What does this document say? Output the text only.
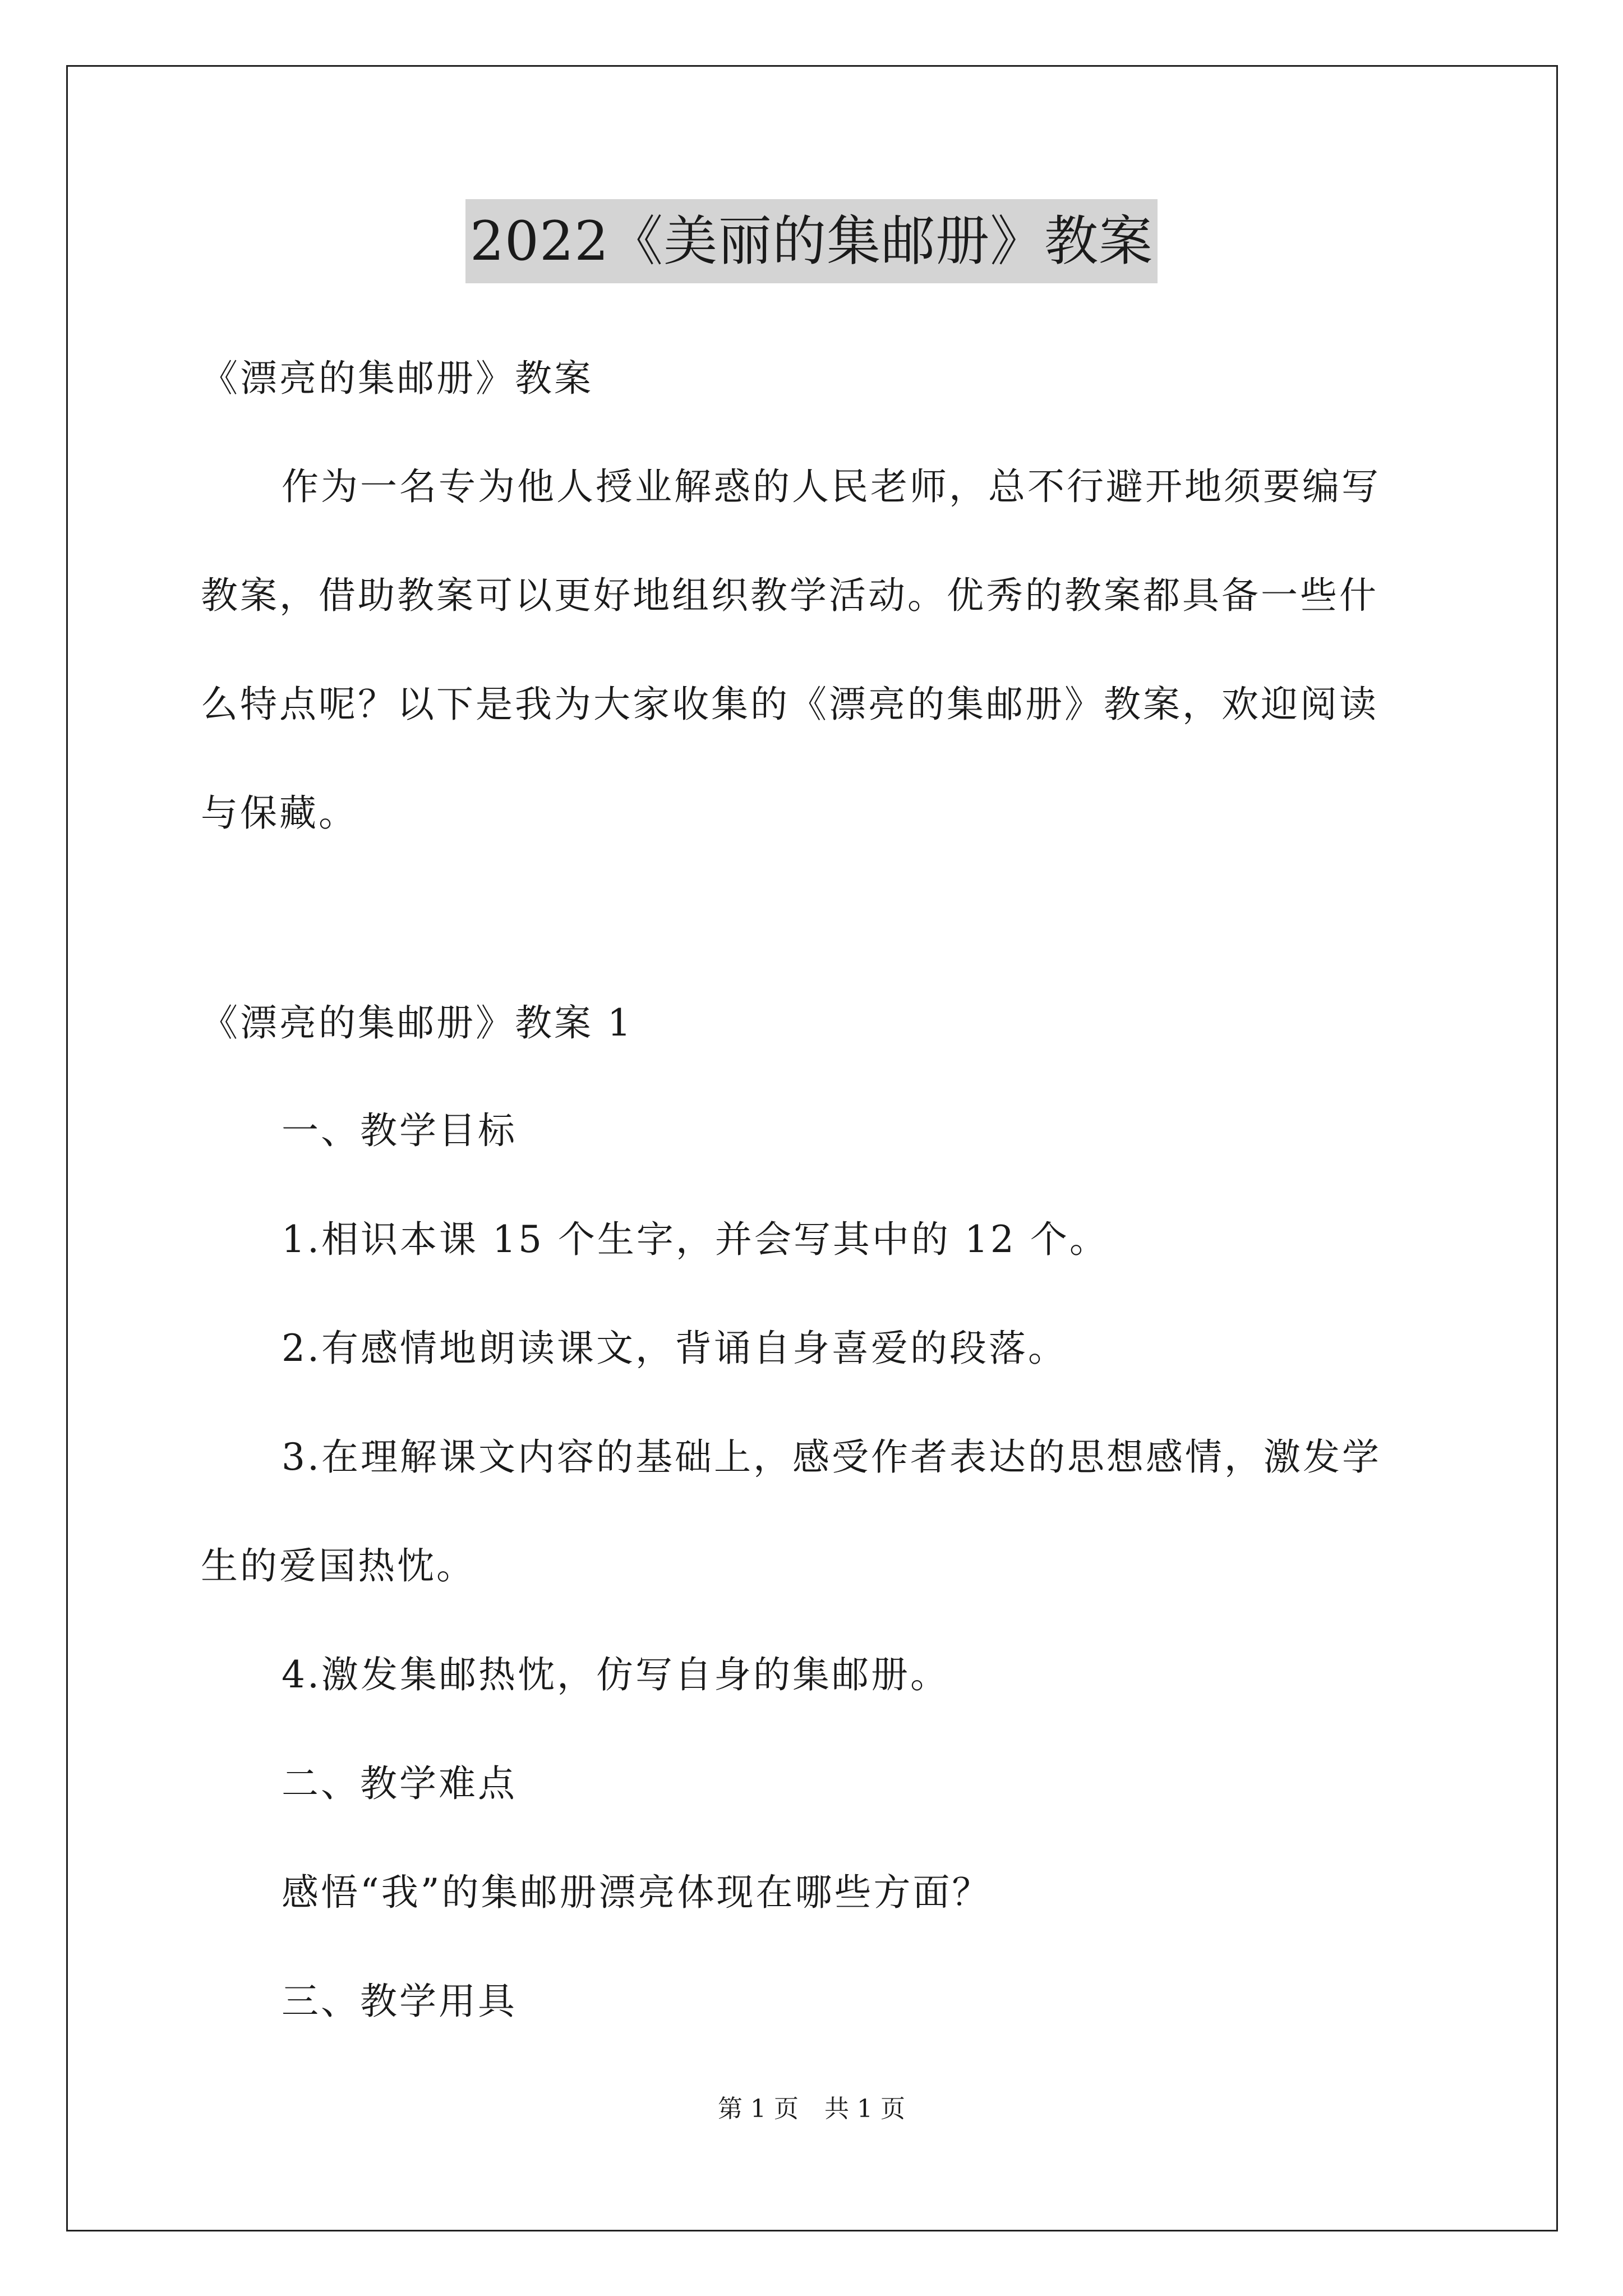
2022《美丽的集邮册》教案
《漂亮的集邮册》教案
作为一名专为他人授业解惑的人民老师，总不行避开地须要编写
教案，借助教案可以更好地组织教学活动。优秀的教案都具备一些什
么特点呢？以下是我为大家收集的《漂亮的集邮册》教案，欢迎阅读
与保藏。
《漂亮的集邮册》教案 1
一、教学目标
1.相识本课 15 个生字，并会写其中的 12 个。
2.有感情地朗读课文，背诵自身喜爱的段落。
3.在理解课文内容的基础上，感受作者表达的思想感情，激发学
生的爱国热忱。
4.激发集邮热忱，仿写自身的集邮册。
二、教学难点
感悟“我”的集邮册漂亮体现在哪些方面？
三、教学用具
第 1 页 共 1 页
